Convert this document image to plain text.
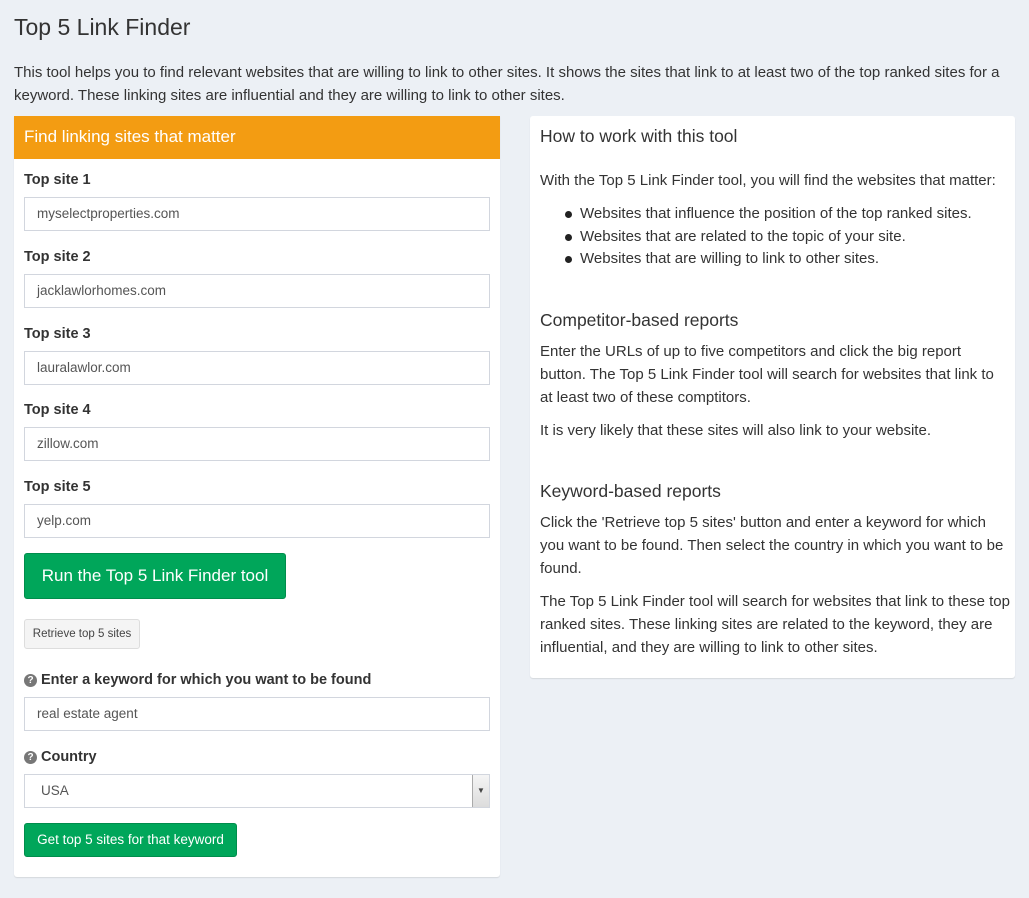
Top 5 Link Finder

This tool helps you to find relevant websites that are willing to link to other sites. It shows the sites that link to at least two of the top ranked sites for a keyword. These linking sites are influential and they are willing to link to other sites.

Find linking sites that matter
Top site 1
myselectproperties.com
Top site 2
jacklawlorhomes.com
Top site 3
lauralawlor.com
Top site 4
zillow.com
Top site 5
yelp.com
Run the Top 5 Link Finder tool
Retrieve top 5 sites
? Enter a keyword for which you want to be found
real estate agent
? Country
USA	▼
Get top 5 sites for that keyword
How to work with this tool

With the Top 5 Link Finder tool, you will find the websites that matter:

Websites that influence the position of the top ranked sites.
Websites that are related to the topic of your site.
Websites that are willing to link to other sites.
Competitor-based reports

Enter the URLs of up to five competitors and click the big report button. The Top 5 Link Finder tool will search for websites that link to at least two of these comptitors.

It is very likely that these sites will also link to your website.

Keyword-based reports

Click the 'Retrieve top 5 sites' button and enter a keyword for which you want to be found. Then select the country in which you want to be found.

The Top 5 Link Finder tool will search for websites that link to these top ranked sites. These linking sites are related to the keyword, they are influential, and they are willing to link to other sites.
